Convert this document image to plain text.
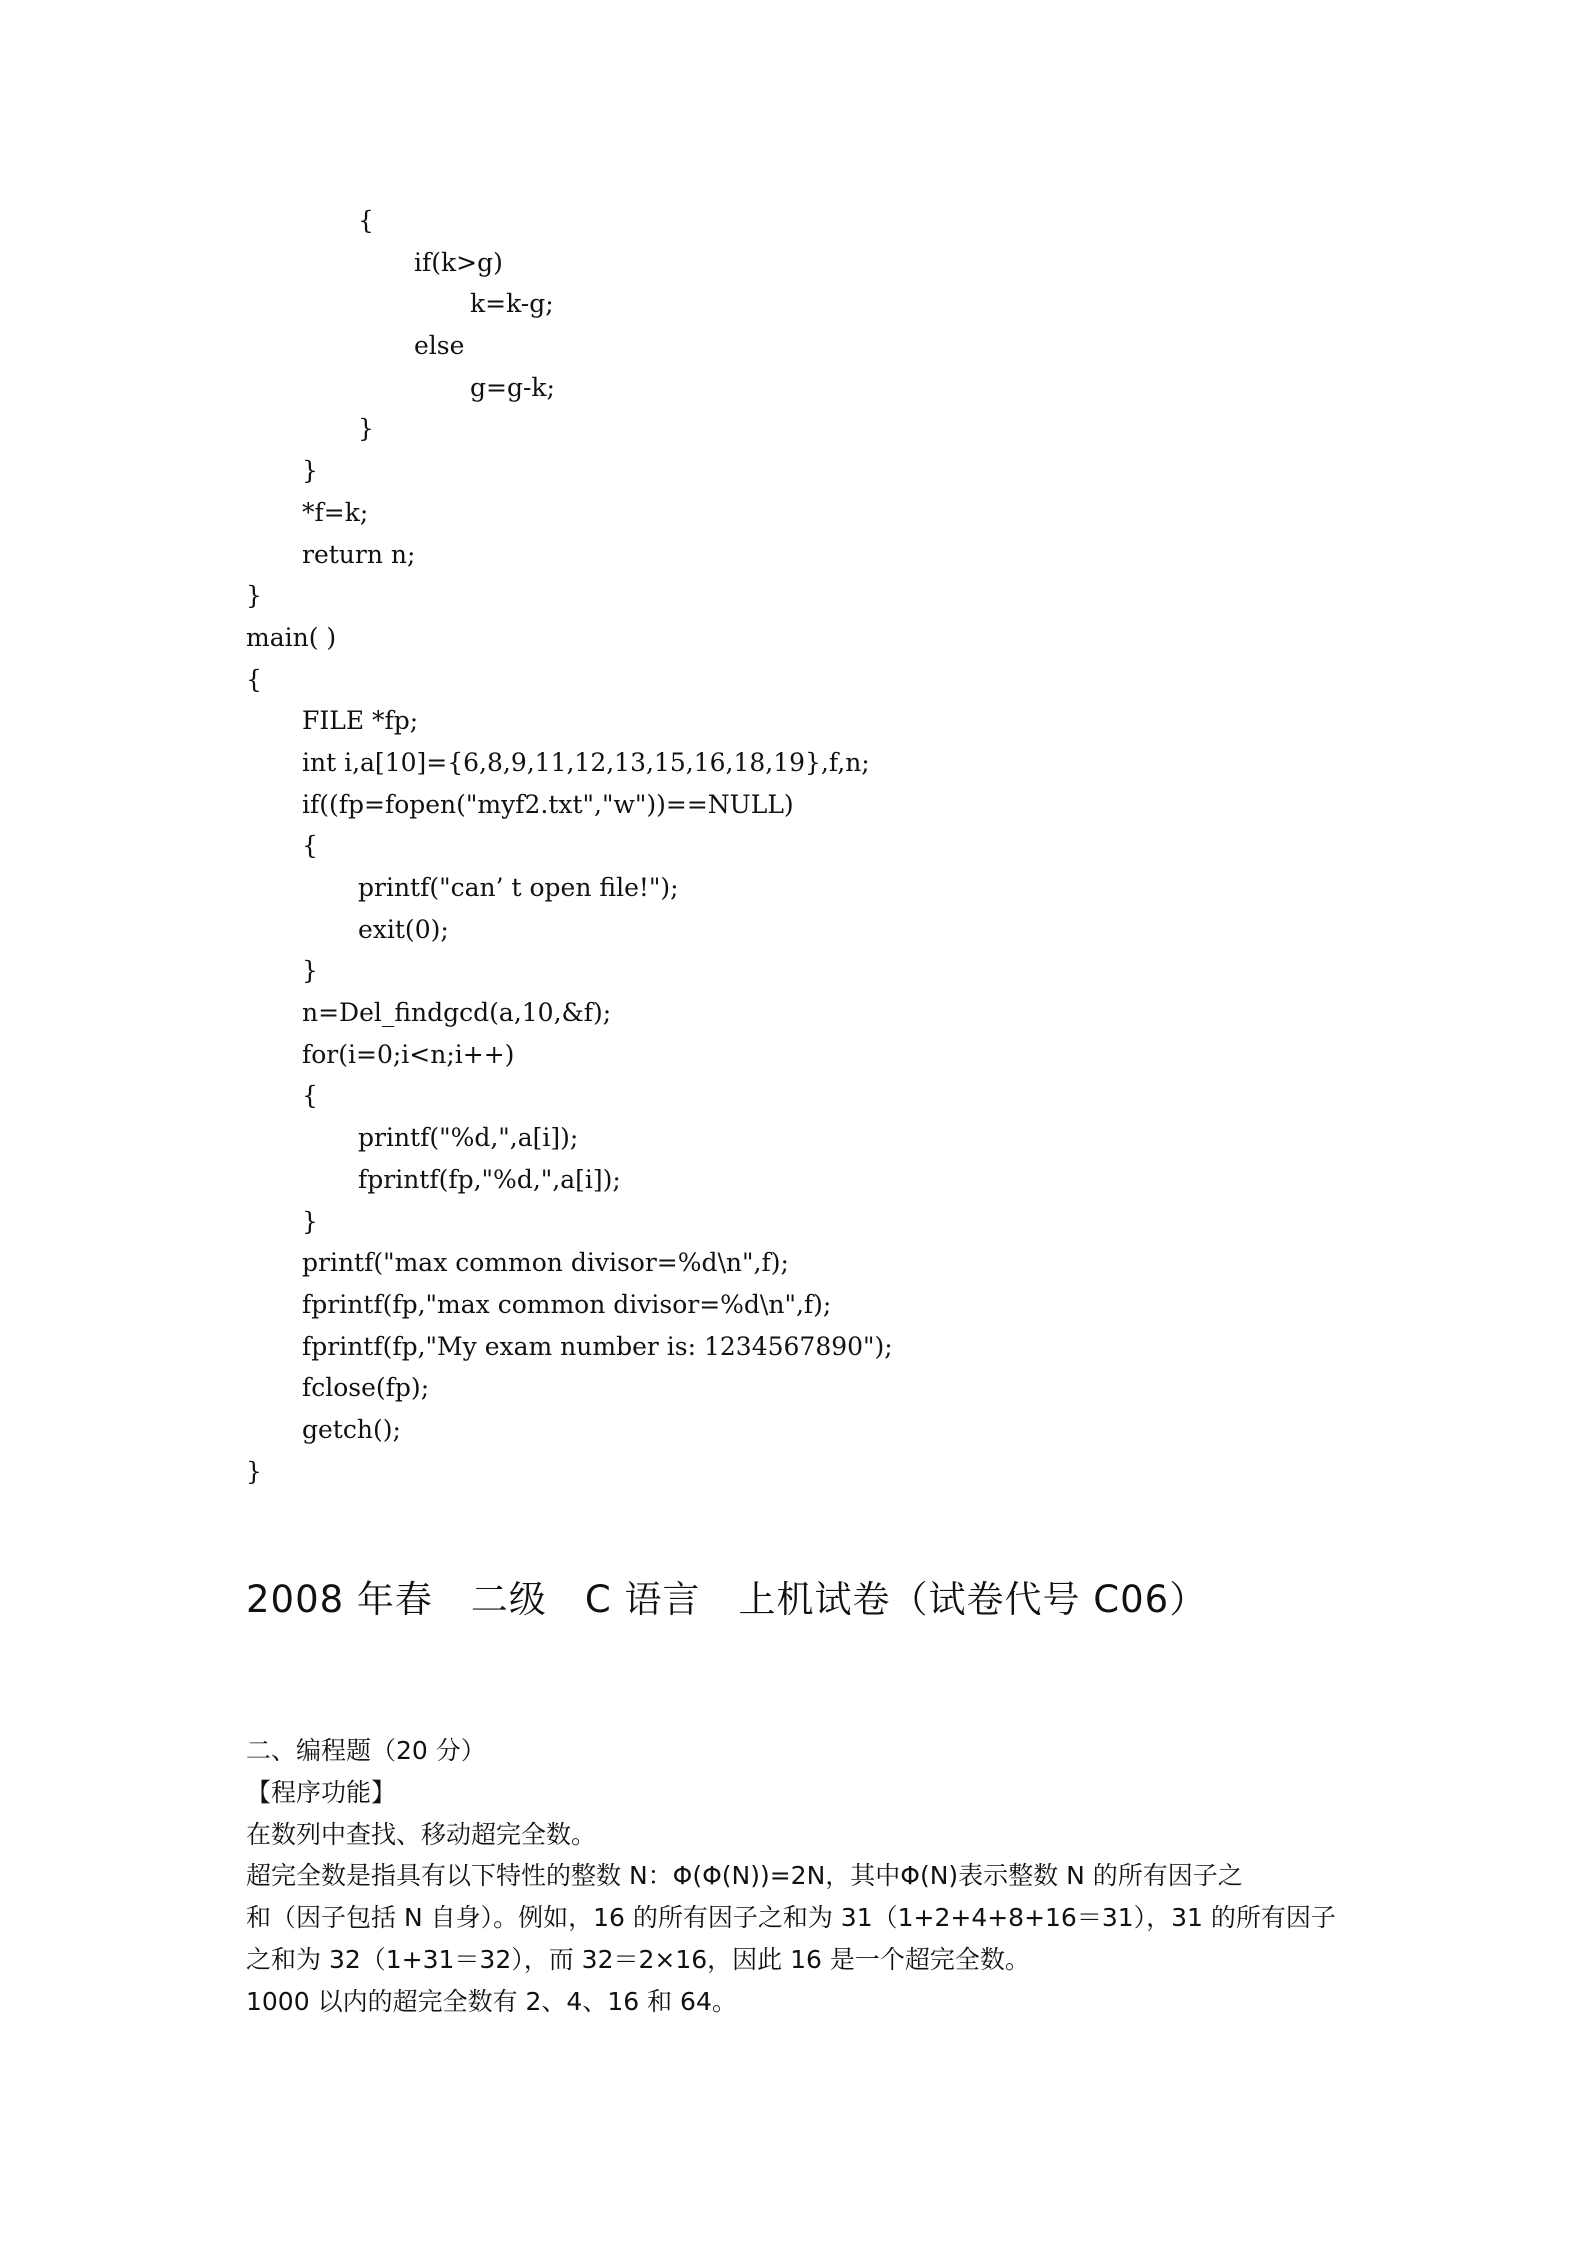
{
if(k>g)
k=k-g;
else
g=g-k;
}
}
*f=k;
return n;
}
main( )
{
FILE *fp;
int i,a[10]={6,8,9,11,12,13,15,16,18,19},f,n;
if((fp=fopen("myf2.txt","w"))==NULL)
{
printf("can’ t open file!");
exit(0);
}
n=Del_findgcd(a,10,&f);
for(i=0;i<n;i++)
{
printf("%d,",a[i]);
fprintf(fp,"%d,",a[i]);
}
printf("max common divisor=%d\n",f);
fprintf(fp,"max common divisor=%d\n",f);
fprintf(fp,"My exam number is: 1234567890");
fclose(fp);
getch();
}
2008 年春　二级　C 语言　上机试卷（试卷代号 C06）
二、编程题（20 分）
【程序功能】
在数列中查找、移动超完全数。
超完全数是指具有以下特性的整数 N：Φ(Φ(N))=2N，其中Φ(N)表示整数 N 的所有因子之
和（因子包括 N 自身）。例如，16 的所有因子之和为 31（1+2+4+8+16＝31），31 的所有因子
之和为 32（1+31＝32），而 32＝2×16，因此 16 是一个超完全数。
1000 以内的超完全数有 2、4、16 和 64。
